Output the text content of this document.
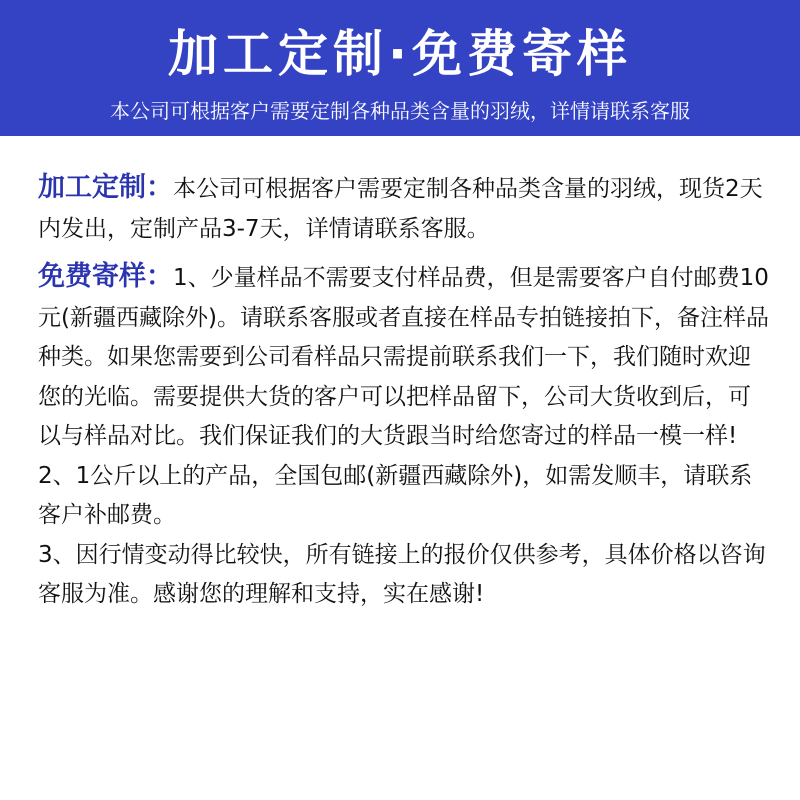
加工定制·免费寄样
本公司可根据客户需要定制各种品类含量的羽绒，详情请联系客服

加工定制：本公司可根据客户需要定制各种品类含量的羽绒，现货2天内发出，定制产品3-7天，详情请联系客服。

免费寄样：1、少量样品不需要支付样品费，但是需要客户自付邮费10元(新疆西藏除外)。请联系客服或者直接在样品专拍链接拍下，备注样品种类。如果您需要到公司看样品只需提前联系我们一下，我们随时欢迎您的光临。需要提供大货的客户可以把样品留下，公司大货收到后，可以与样品对比。我们保证我们的大货跟当时给您寄过的样品一模一样!

2、1公斤以上的产品，全国包邮(新疆西藏除外)，如需发顺丰，请联系客户补邮费。

3、因行情变动得比较快，所有链接上的报价仅供参考，具体价格以咨询客服为准。感谢您的理解和支持，实在感谢!
